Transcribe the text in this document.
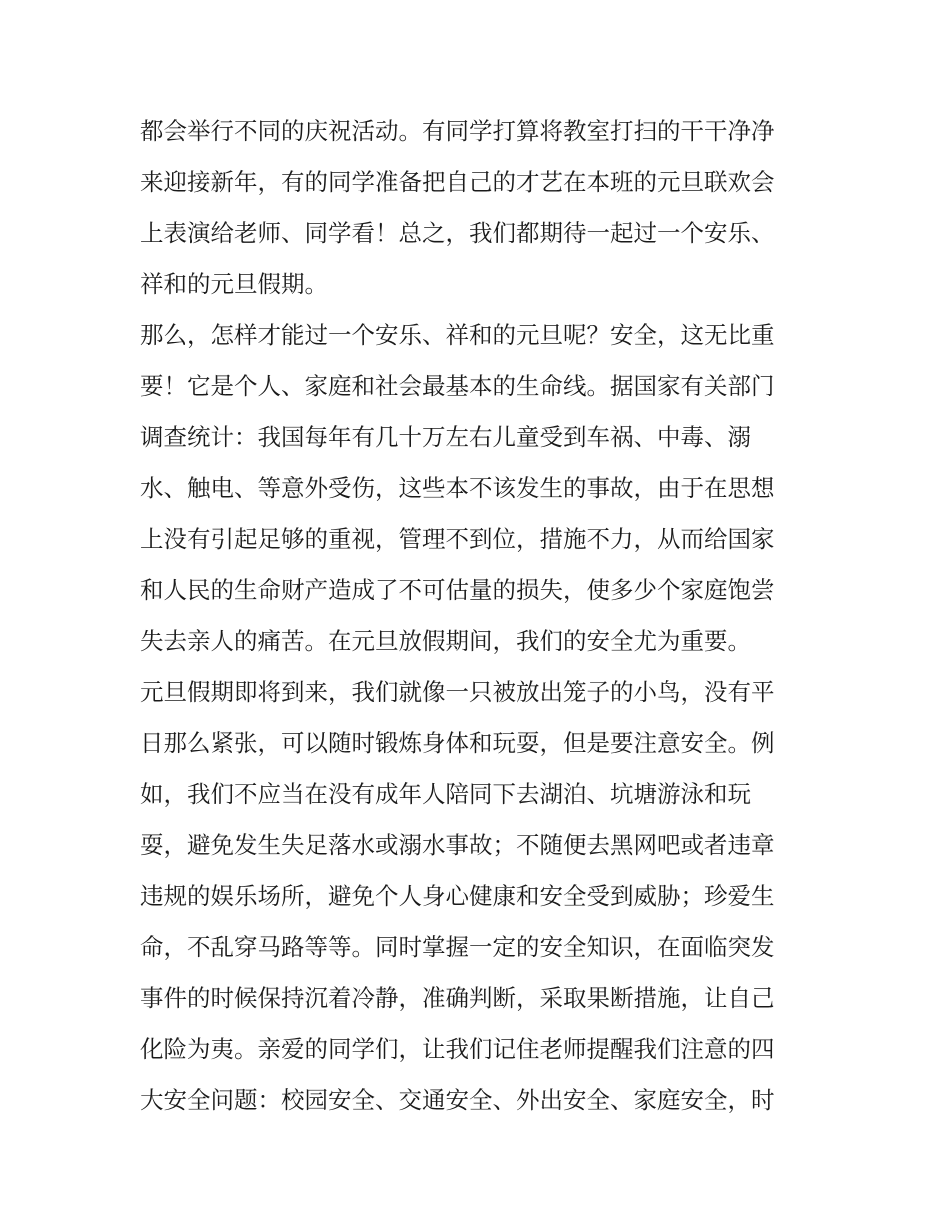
都会举行不同的庆祝活动。有同学打算将教室打扫的干干净净
来迎接新年，有的同学准备把自己的才艺在本班的元旦联欢会
上表演给老师、同学看！总之，我们都期待一起过一个安乐、
祥和的元旦假期。
那么，怎样才能过一个安乐、祥和的元旦呢？安全，这无比重
要！它是个人、家庭和社会最基本的生命线。据国家有关部门
调查统计：我国每年有几十万左右儿童受到车祸、中毒、溺
水、触电、等意外受伤，这些本不该发生的事故，由于在思想
上没有引起足够的重视，管理不到位，措施不力，从而给国家
和人民的生命财产造成了不可估量的损失，使多少个家庭饱尝
失去亲人的痛苦。在元旦放假期间，我们的安全尤为重要。
元旦假期即将到来，我们就像一只被放出笼子的小鸟，没有平
日那么紧张，可以随时锻炼身体和玩耍，但是要注意安全。例
如，我们不应当在没有成年人陪同下去湖泊、坑塘游泳和玩
耍，避免发生失足落水或溺水事故；不随便去黑网吧或者违章
违规的娱乐场所，避免个人身心健康和安全受到威胁；珍爱生
命，不乱穿马路等等。同时掌握一定的安全知识，在面临突发
事件的时候保持沉着冷静，准确判断，采取果断措施，让自己
化险为夷。亲爱的同学们，让我们记住老师提醒我们注意的四
大安全问题：校园安全、交通安全、外出安全、家庭安全，时
